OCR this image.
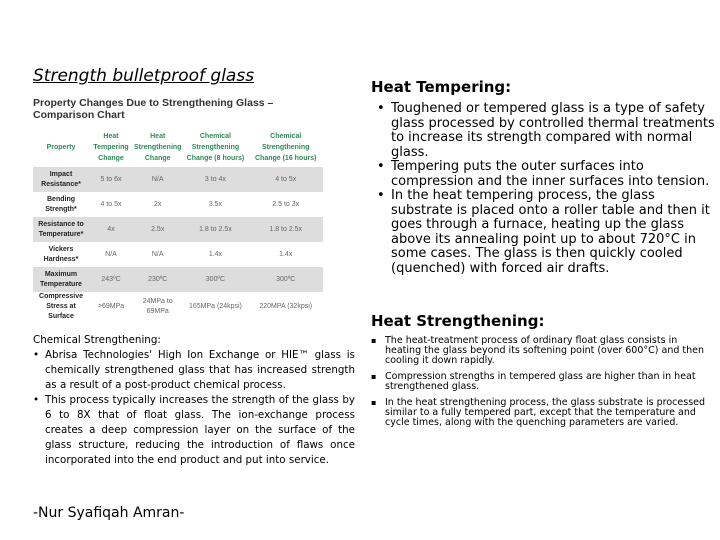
Strength bulletproof glass
Property Changes Due to Strengthening Glass – Comparison Chart
Property	Heat Tempering Change	Heat Strengthening Change	Chemical Strengthening Change (8 hours)	Chemical Strengthening Change (16 hours)
Impact Resistance*	5 to 6x	N/A	3 to 4x	4 to 5x
Bending Strength*	4 to 5x	2x	3.5x	2.5 to 3x
Resistance to Temperature*	4x	2.5x	1.8 to 2.5x	1.8 to 2.5x
Vickers Hardness*	N/A	N/A	1.4x	1.4x
Maximum Temperature	243ºC	230ºC	300ºC	300ºC
Compressive Stress at Surface	>69MPa	24MPa to 69MPa	165MPa (24kpsi)	220MPA (32kpsi)
Chemical Strengthening:
• Abrisa Technologies' High Ion Exchange or HIE™ glass is chemically strengthened glass that has increased strength as a result of a post-product chemical process.
• This process typically increases the strength of the glass by 6 to 8X that of float glass. The ion-exchange process creates a deep compression layer on the surface of the glass structure, reducing the introduction of flaws once incorporated into the end product and put into service.
-Nur Syafiqah Amran-
Heat Tempering:
• Toughened or tempered glass is a type of safety glass processed by controlled thermal treatments to increase its strength compared with normal glass.
• Tempering puts the outer surfaces into compression and the inner surfaces into tension.
• In the heat tempering process, the glass substrate is placed onto a roller table and then it goes through a furnace, heating up the glass above its annealing point up to about 720°C in some cases. The glass is then quickly cooled (quenched) with forced air drafts.
Heat Strengthening:
▪ The heat-treatment process of ordinary float glass consists in heating the glass beyond its softening point (over 600°C) and then cooling it down rapidly.
▪ Compression strengths in tempered glass are higher than in heat strengthened glass.
▪ In the heat strengthening process, the glass substrate is processed similar to a fully tempered part, except that the temperature and cycle times, along with the quenching parameters are varied.
